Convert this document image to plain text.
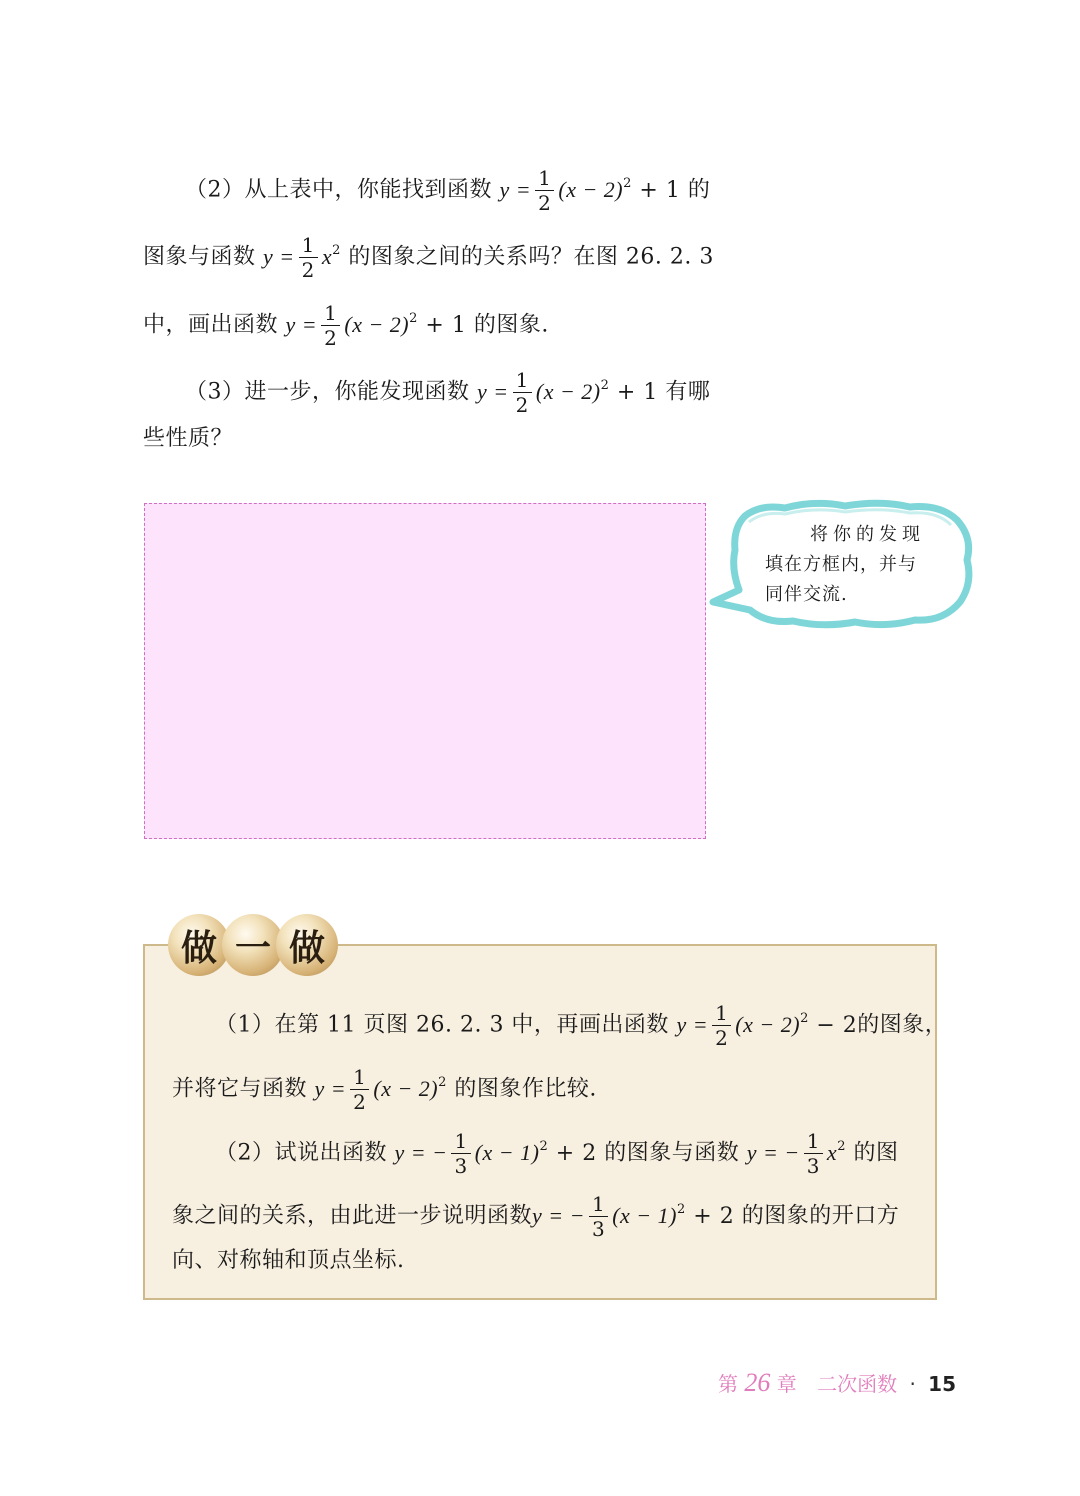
（2）从上表中，你能找到函数 $y = \frac{1}{2} (x - 2)^2 + 1$ 的
图象与函数 $y = \frac{1}{2} x^2$ 的图象之间的关系吗？在图 26. 2. 3
中，画出函数 $y = \frac{1}{2} (x - 2)^2 + 1$ 的图象.
（3）进一步，你能发现函数 $y = \frac{1}{2} (x - 2)^2 + 1$ 有哪
些性质？
将你的发现
填在方框内，并与
同伴交流.
做 一 做
（1）在第 11 页图 26. 2. 3 中，再画出函数 $y = \frac{1}{2} (x - 2)^2 - 2$的图象，
并将它与函数 $y = \frac{1}{2} (x - 2)^2$ 的图象作比较.
（2）试说出函数 y = − $\frac{1}{3} (x - 1)^2 + 2$ 的图象与函数 y = − $\frac{1}{3} x^2$ 的图
象之间的关系，由此进一步说明函数y = − $\frac{1}{3} (x - 1)^2 + 2$ 的图象的开口方
向、对称轴和顶点坐标.
第 26 章 二次函数 · 15
